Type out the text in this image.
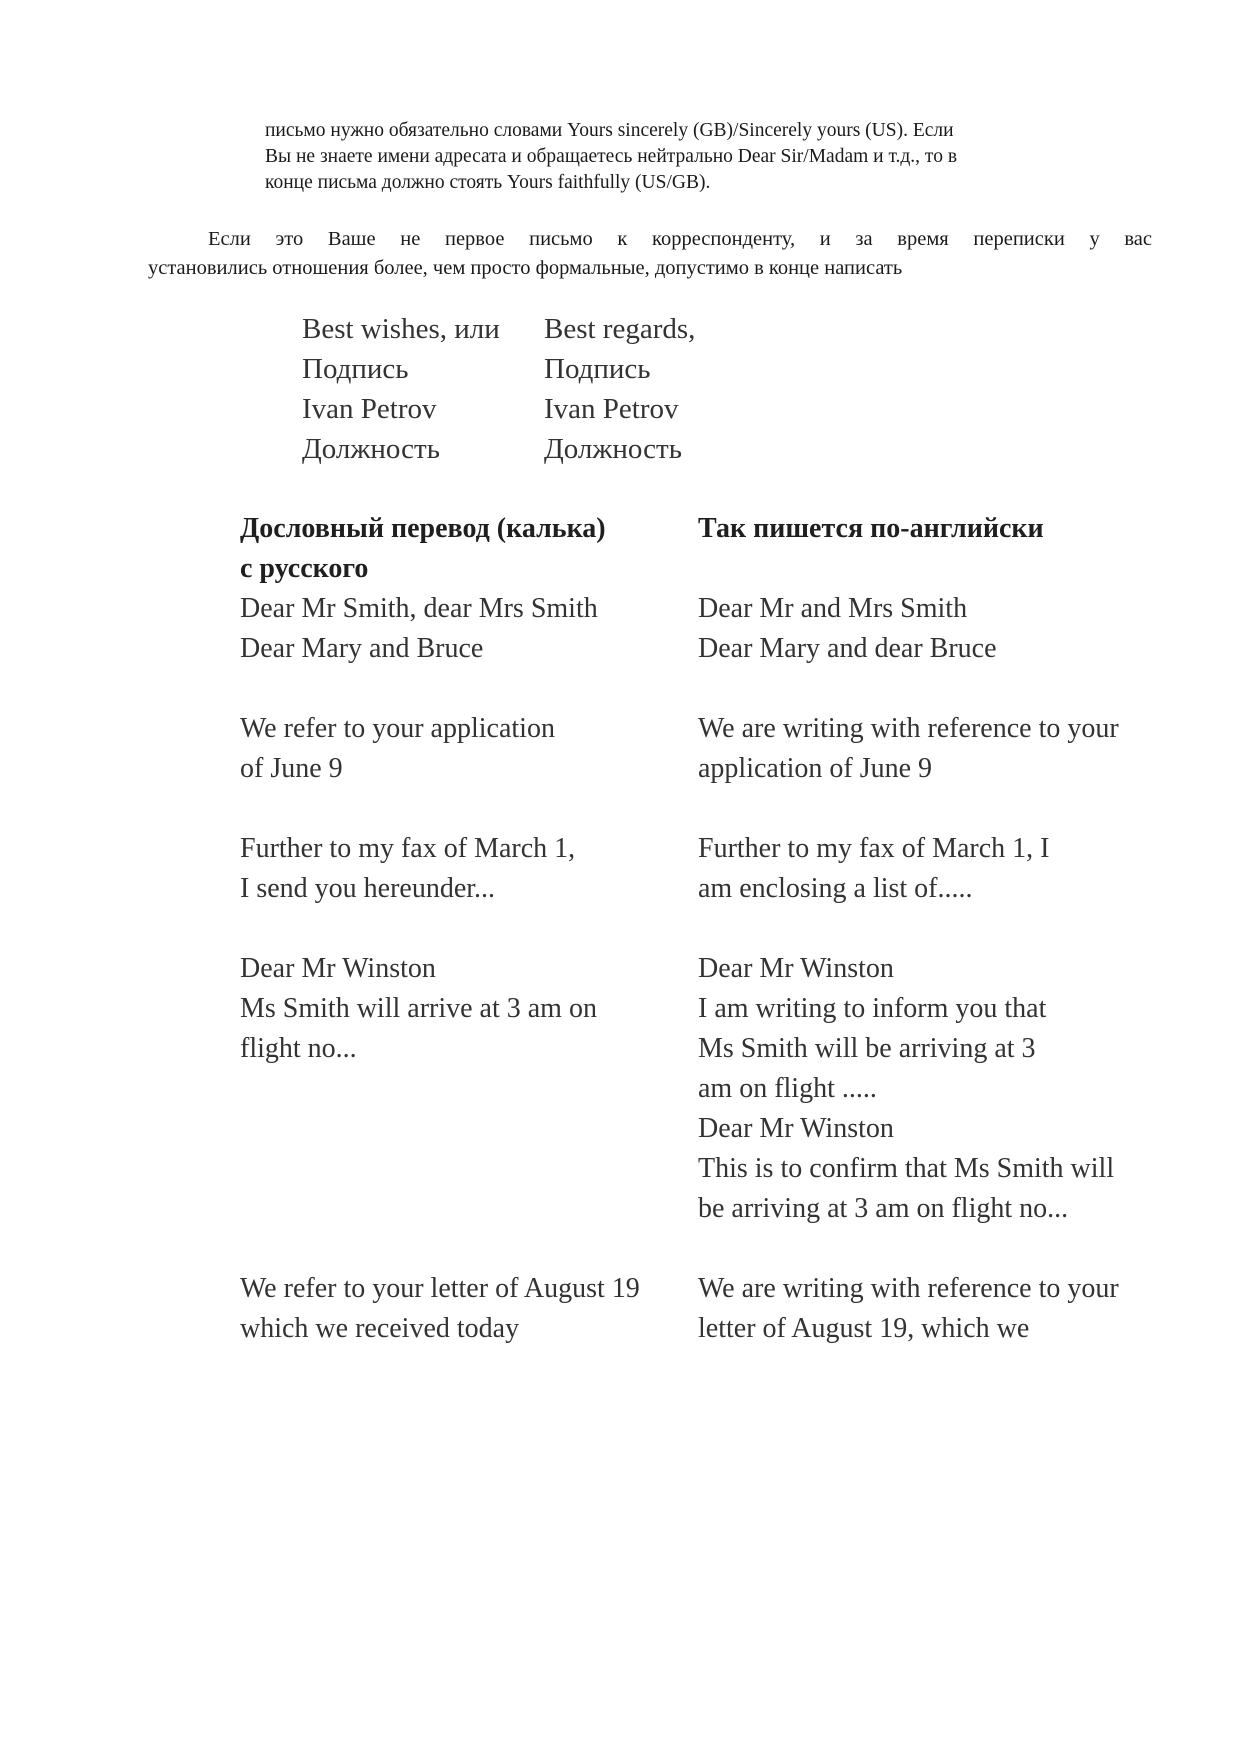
письмо нужно обязательно словами Yours sincerely (GB)/Sincerely yours (US). Если

Вы не знаете имени адресата и обращаетесь нейтрально Dear Sir/Madam и т.д., то в

конце письма должно стоять Yours faithfully (US/GB).

Если это Ваше не первое письмо к корреспонденту, и за время переписки у вас

установились отношения более, чем просто формальные, допустимо в конце написать

Best wishes, или
Подпись
Ivan Petrov
Должность
Best regards,
Подпись
Ivan Petrov
Должность
Дословный перевод (калька)
с русского
Так пишется по-английски
Dear Mr Smith, dear Mrs Smith
Dear Mary and Bruce
Dear Mr and Mrs Smith
Dear Mary and dear Bruce
We refer to your application
of June 9
We are writing with reference to your
application of June 9
Further to my fax of March 1,
I send you hereunder...
Further to my fax of March 1, I
am enclosing a list of.....
Dear Mr Winston
Ms Smith will arrive at 3 am on
flight no...
Dear Mr Winston
I am writing to inform you that
Ms Smith will be arriving at 3
am on flight .....
Dear Mr Winston
This is to confirm that Ms Smith will
be arriving at 3 am on flight no...
We refer to your letter of August 19
which we received today
We are writing with reference to your
letter of August 19, which we
